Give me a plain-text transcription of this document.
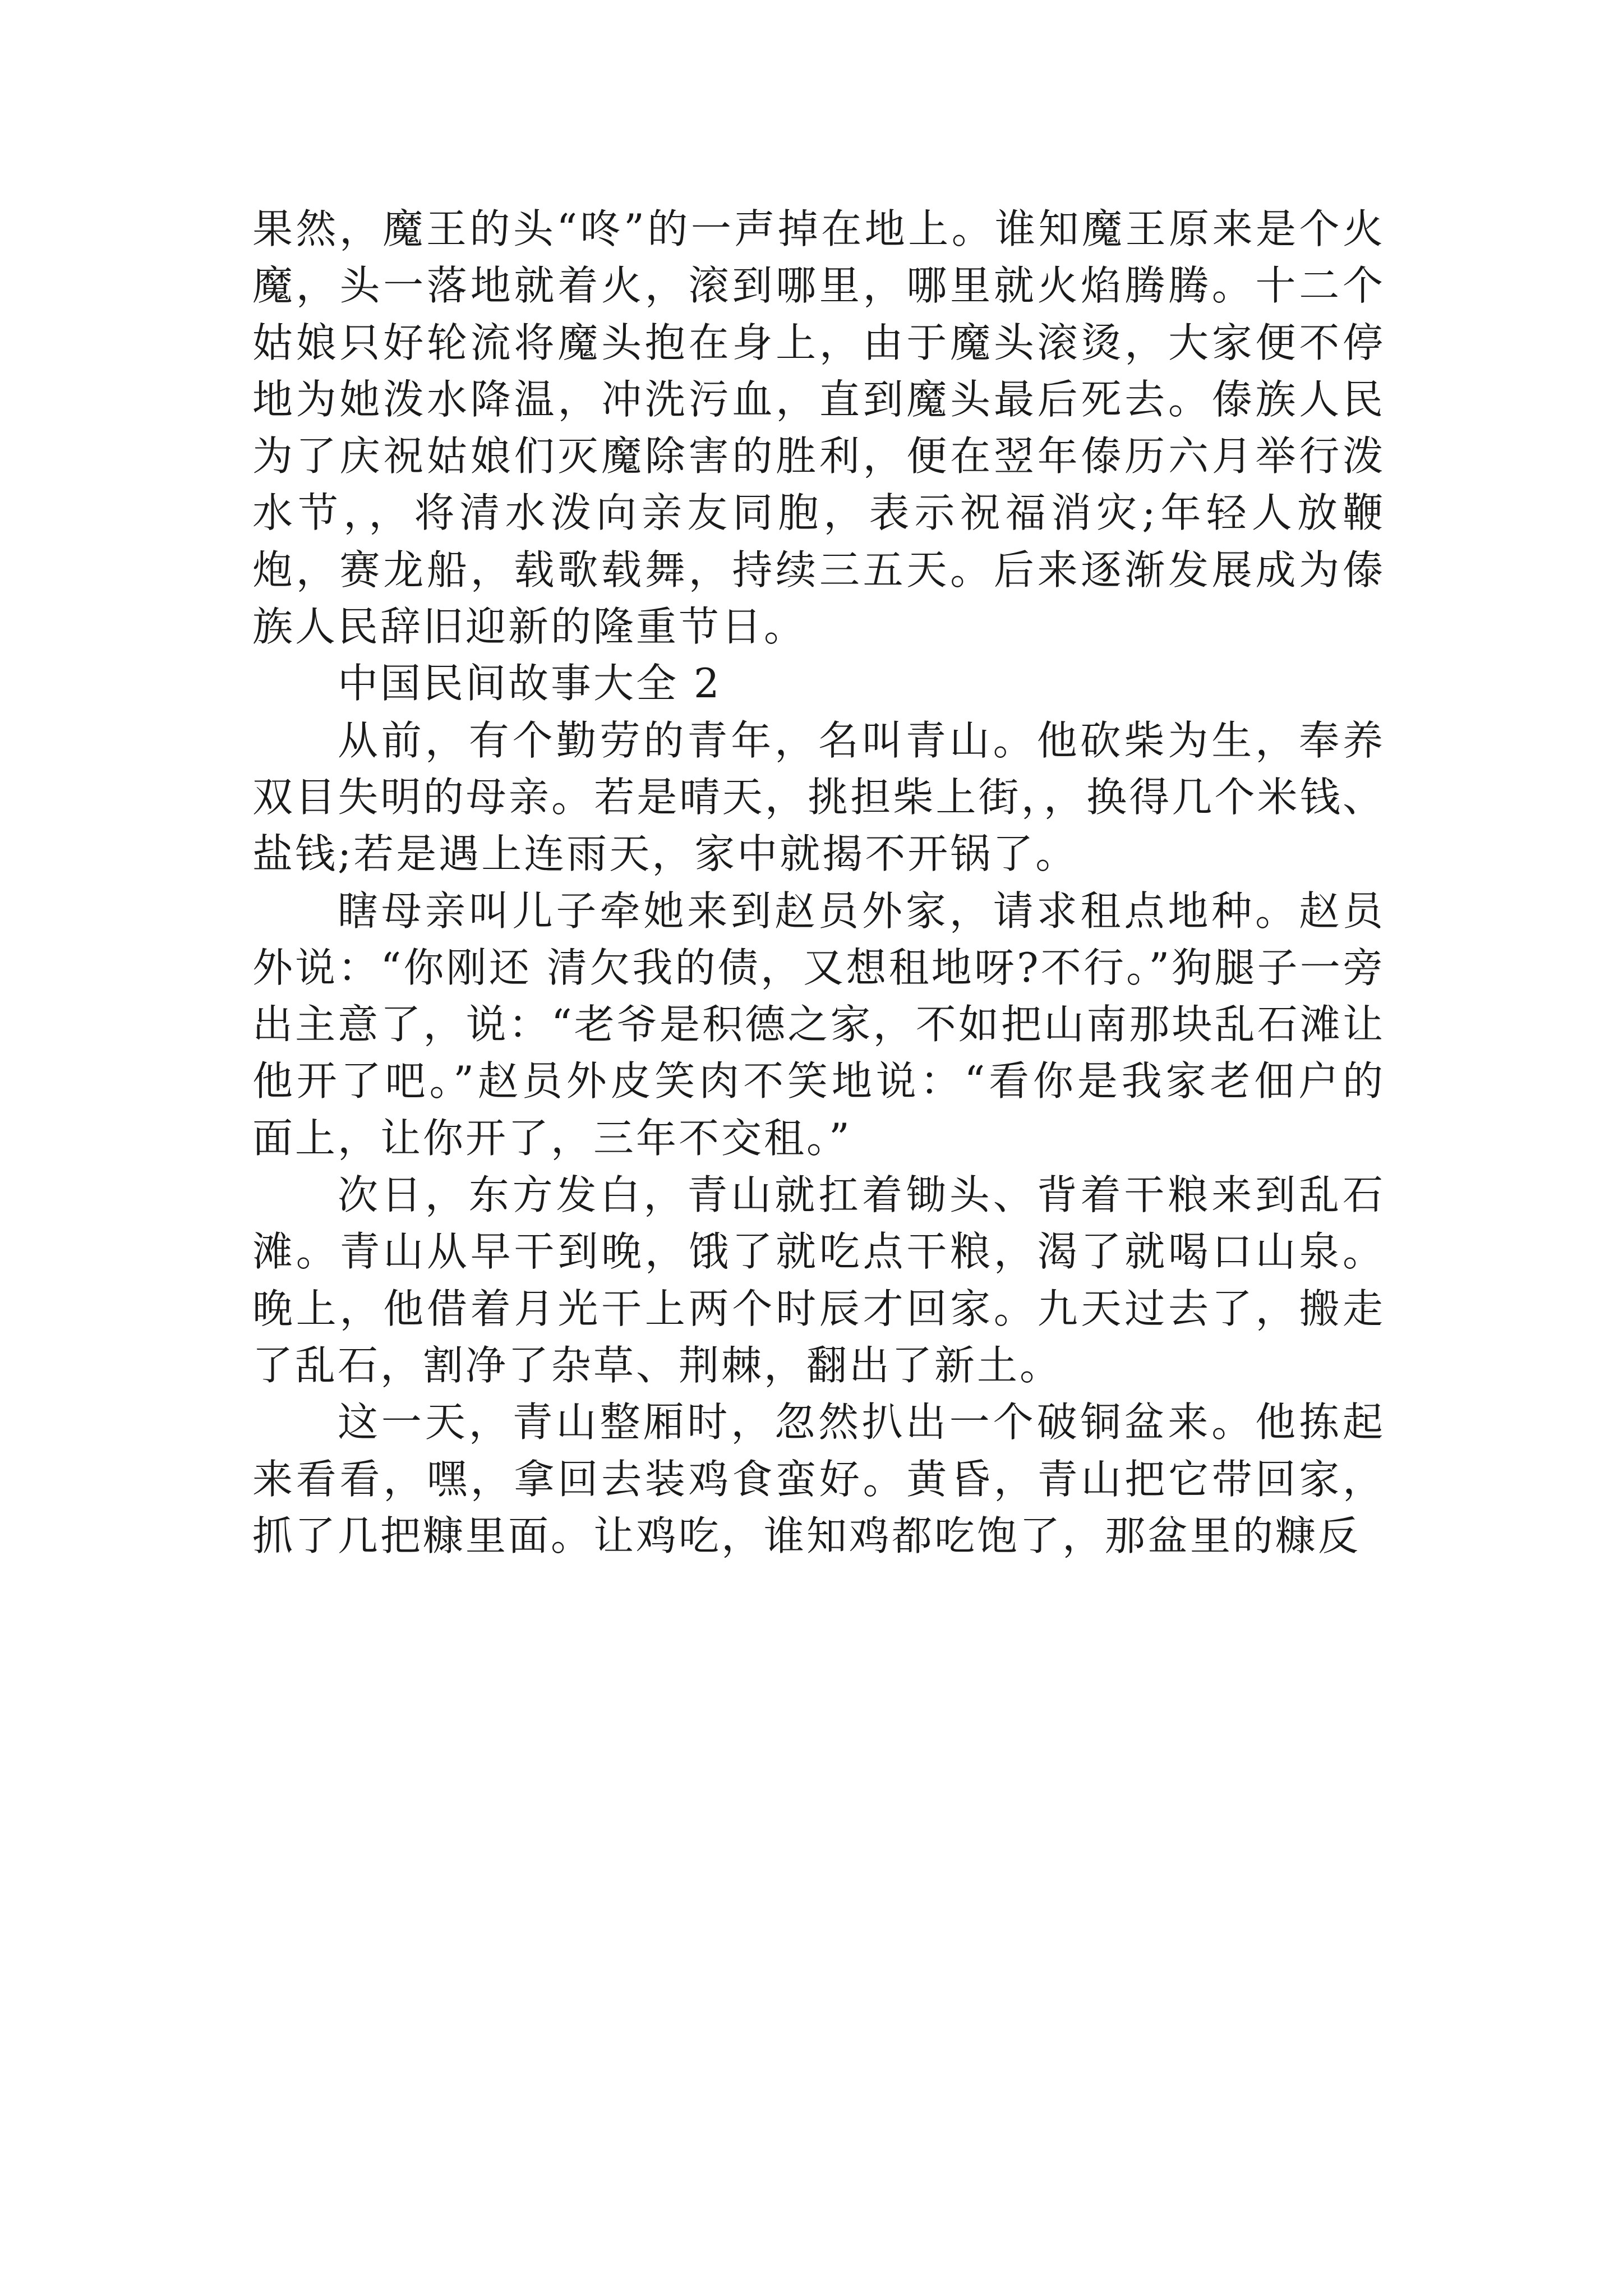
果然，魔王的头“咚”的一声掉在地上。谁知魔王原来是个火魔，头一落地就着火，滚到哪里，哪里就火焰腾腾。十二个姑娘只好轮流将魔头抱在身上，由于魔头滚烫，大家便不停地为她泼水降温，冲洗污血，直到魔头最后死去。傣族人民为了庆祝姑娘们灭魔除害的胜利，便在翌年傣历六月举行泼水节，，将清水泼向亲友同胞，表示祝福消灾;年轻人放鞭炮，赛龙船，载歌载舞，持续三五天。后来逐渐发展成为傣族人民辞旧迎新的隆重节日。

中国民间故事大全 2

从前，有个勤劳的青年，名叫青山。他砍柴为生，奉养双目失明的母亲。若是晴天，挑担柴上街，，换得几个米钱、盐钱;若是遇上连雨天，家中就揭不开锅了。

瞎母亲叫儿子牵她来到赵员外家，请求租点地种。赵员外说：“你刚还 清欠我的债，又想租地呀?不行。”狗腿子一旁出主意了，说：“老爷是积德之家，不如把山南那块乱石滩让他开了吧。”赵员外皮笑肉不笑地说：“看你是我家老佃户的面上，让你开了，三年不交租。”

次日，东方发白，青山就扛着锄头、背着干粮来到乱石滩。青山从早干到晚，饿了就吃点干粮，渴了就喝口山泉。晚上，他借着月光干上两个时辰才回家。九天过去了，搬走了乱石，割净了杂草、荆棘，翻出了新土。

这一天，青山整厢时，忽然扒出一个破铜盆来。他拣起来看看，嘿，拿回去装鸡食蛮好。黄昏，青山把它带回家，抓了几把糠里面。让鸡吃，谁知鸡都吃饱了，那盆里的糠反
